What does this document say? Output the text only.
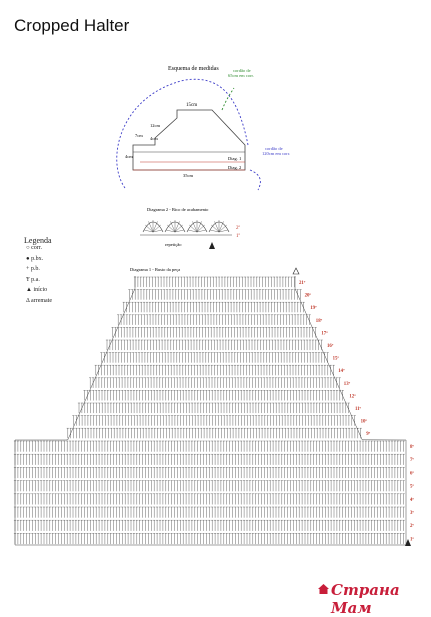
Cropped Halter
Esquema de medidas	cordão de
65cm em corr.
cordão de
120cm em corr.
15cm
12cm
4cm
7cm
4cm
35cm
Diag. 1
Diag. 2
Diagrama 2 - Bico de acabamento
2º
1º
repetição
Diagrama 1 - Busto da peça
21º
20º
19º
18º
17º
16º
15º
14º
13º
12º
11º
10º
9º
8º
7º
6º
5º
4º
3º
2º
1º
Legenda
○ corr.
● p.bx.
+ p.b.
Ŧ p.a.
▲ início
Δ arremate
Страна Мам
